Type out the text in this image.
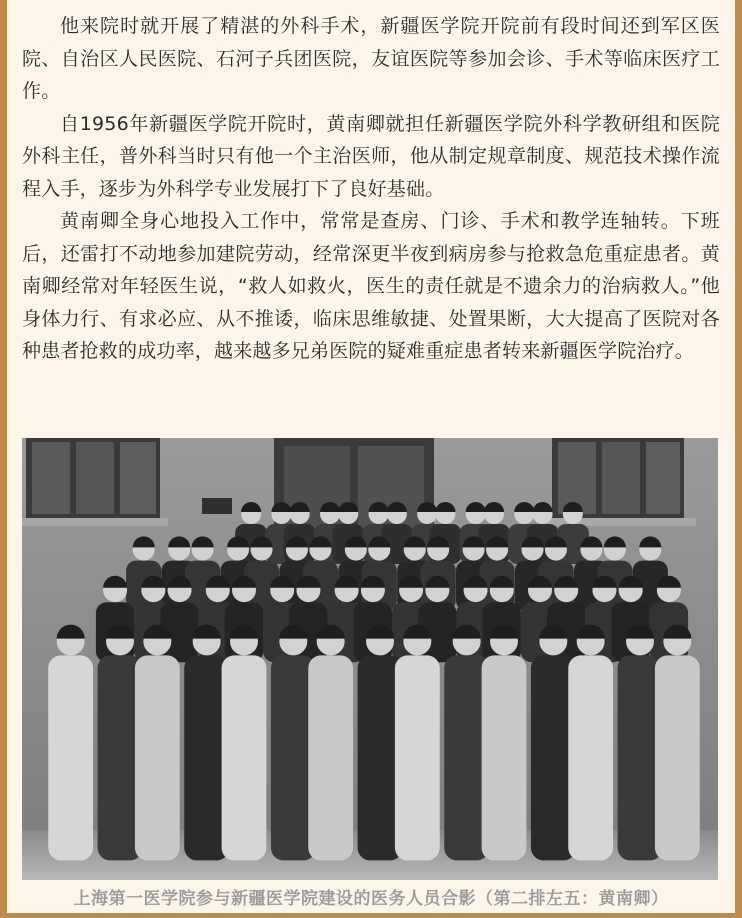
他来院时就开展了精湛的外科手术，新疆医学院开院前有段时间还到军区医院、自治区人民医院、石河子兵团医院，友谊医院等参加会诊、手术等临床医疗工作。

自1956年新疆医学院开院时，黄南卿就担任新疆医学院外科学教研组和医院外科主任，普外科当时只有他一个主治医师，他从制定规章制度、规范技术操作流程入手，逐步为外科学专业发展打下了良好基础。

黄南卿全身心地投入工作中，常常是查房、门诊、手术和教学连轴转。下班后，还雷打不动地参加建院劳动，经常深更半夜到病房参与抢救急危重症患者。黄南卿经常对年轻医生说，“救人如救火，医生的责任就是不遗余力的治病救人。”他身体力行、有求必应、从不推诿，临床思维敏捷、处置果断，大大提高了医院对各种患者抢救的成功率，越来越多兄弟医院的疑难重症患者转来新疆医学院治疗。

上海第一医学院参与新疆医学院建设的医务人员合影（第二排左五：黄南卿）
